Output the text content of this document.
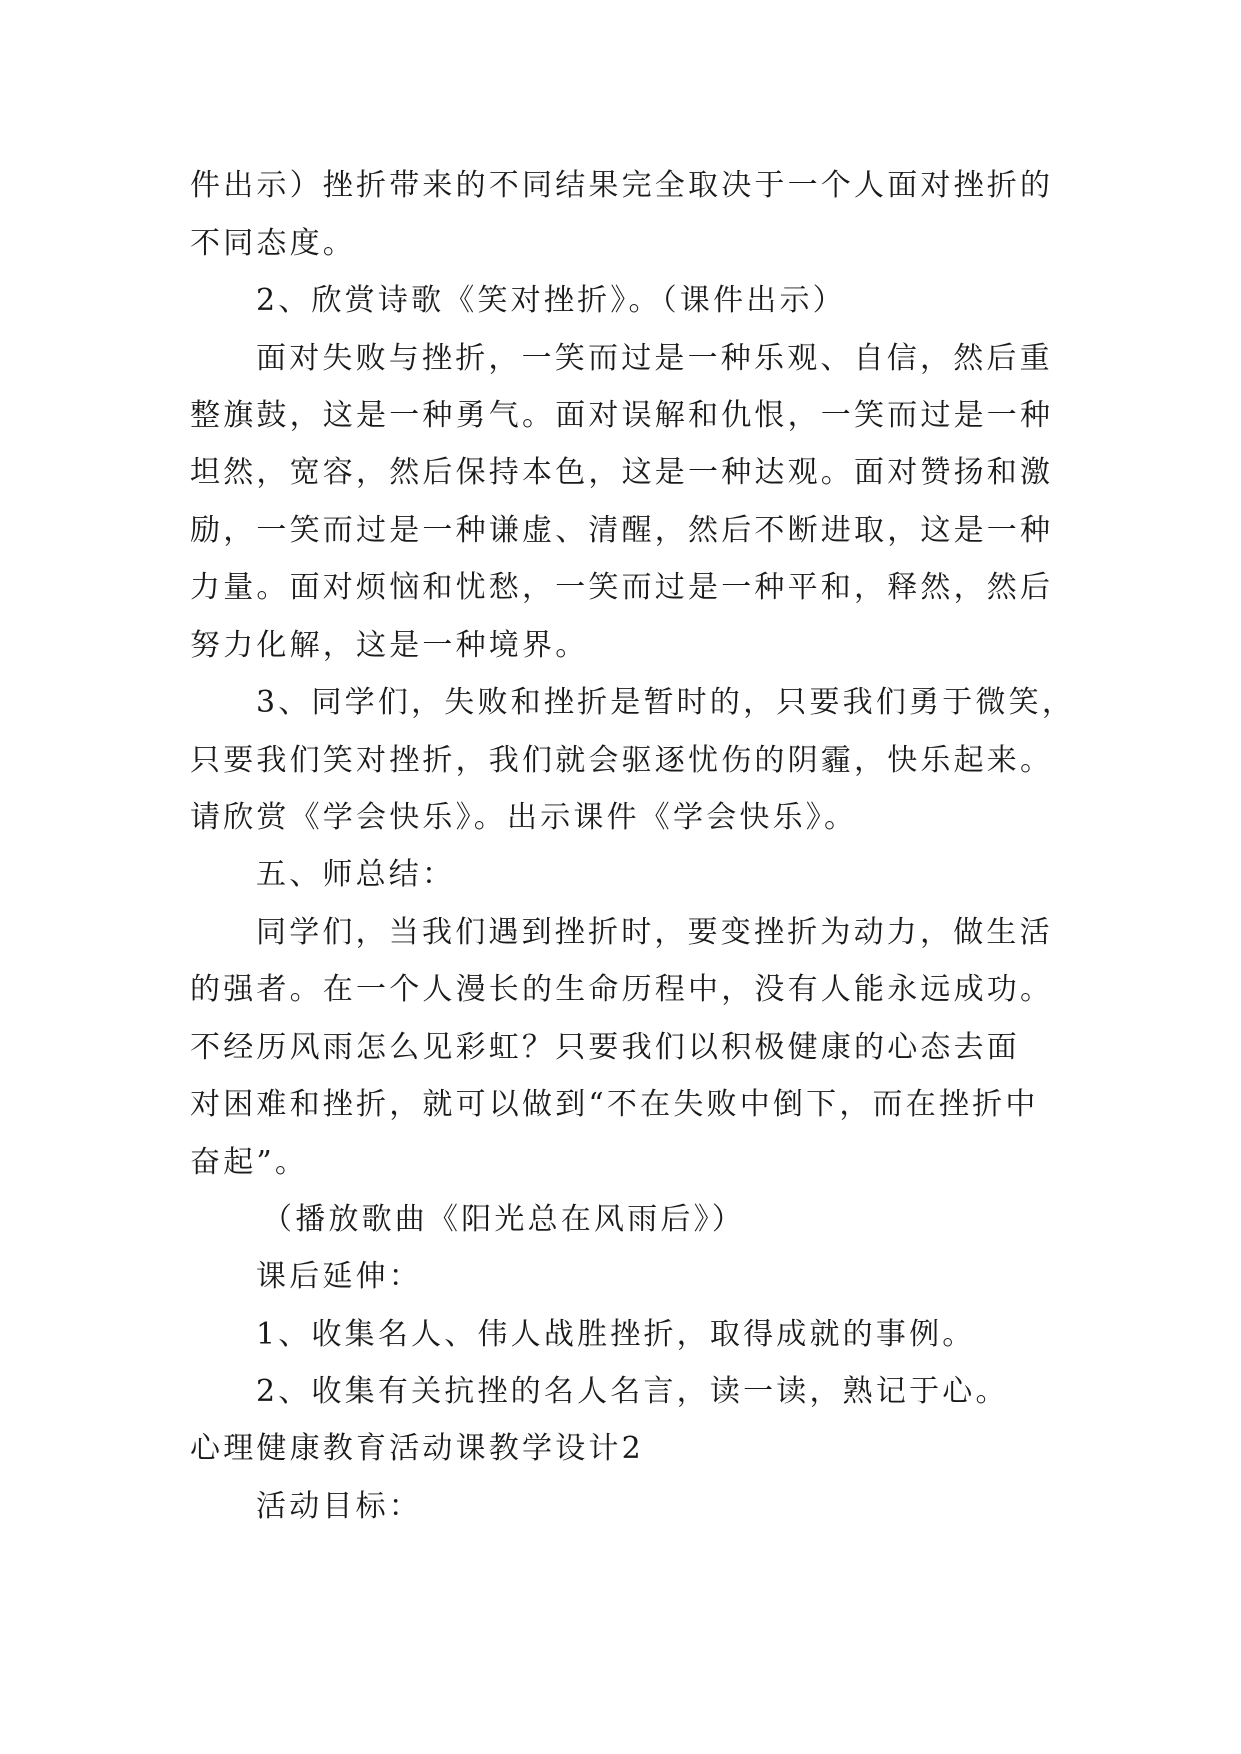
件出示）挫折带来的不同结果完全取决于一个人面对挫折的
不同态度。
2、欣赏诗歌《笑对挫折》。（课件出示）
面对失败与挫折，一笑而过是一种乐观、自信，然后重
整旗鼓，这是一种勇气。面对误解和仇恨，一笑而过是一种
坦然，宽容，然后保持本色，这是一种达观。面对赞扬和激
励，一笑而过是一种谦虚、清醒，然后不断进取，这是一种
力量。面对烦恼和忧愁，一笑而过是一种平和，释然，然后
努力化解，这是一种境界。
3、同学们，失败和挫折是暂时的，只要我们勇于微笑，
只要我们笑对挫折，我们就会驱逐忧伤的阴霾，快乐起来。
请欣赏《学会快乐》。出示课件《学会快乐》。
五、师总结：
同学们，当我们遇到挫折时，要变挫折为动力，做生活
的强者。在一个人漫长的生命历程中，没有人能永远成功。
不经历风雨怎么见彩虹？只要我们以积极健康的心态去面
对困难和挫折，就可以做到“不在失败中倒下，而在挫折中
奋起”。
（播放歌曲《阳光总在风雨后》）
课后延伸：
1、收集名人、伟人战胜挫折，取得成就的事例。
2、收集有关抗挫的名人名言，读一读，熟记于心。
心理健康教育活动课教学设计2
活动目标：
